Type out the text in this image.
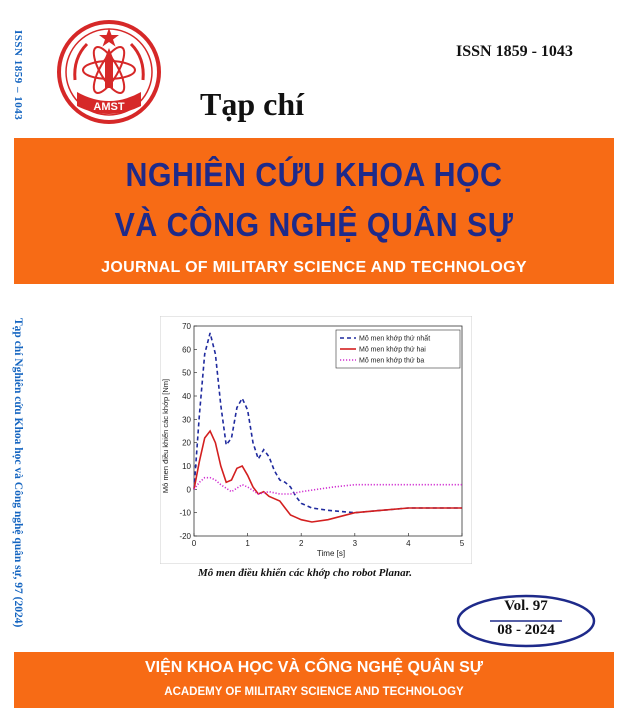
ISSN 1859 – 1043
Tạp chí Nghiên cứu Khoa học và Công nghệ quân sự, 97 (2024)
AMST
ISSN 1859 - 1043
Tạp chí
NGHIÊN CỨU KHOA HỌC
VÀ CÔNG NGHỆ QUÂN SỰ
JOURNAL OF MILITARY SCIENCE AND TECHNOLOGY
0	1	2	3	4	5
-20
-10
0
10
20
30
40
50
60
70
Mô men khớp thứ nhất
Mô men khớp thứ hai
Mô men khớp thứ ba
Time [s]
Mô men điều khiển các khớp [Nm]
Mô men điều khiển các khớp cho robot Planar.
Vol. 97
08 - 2024
VIỆN KHOA HỌC VÀ CÔNG NGHỆ QUÂN SỰ
ACADEMY OF MILITARY SCIENCE AND TECHNOLOGY
